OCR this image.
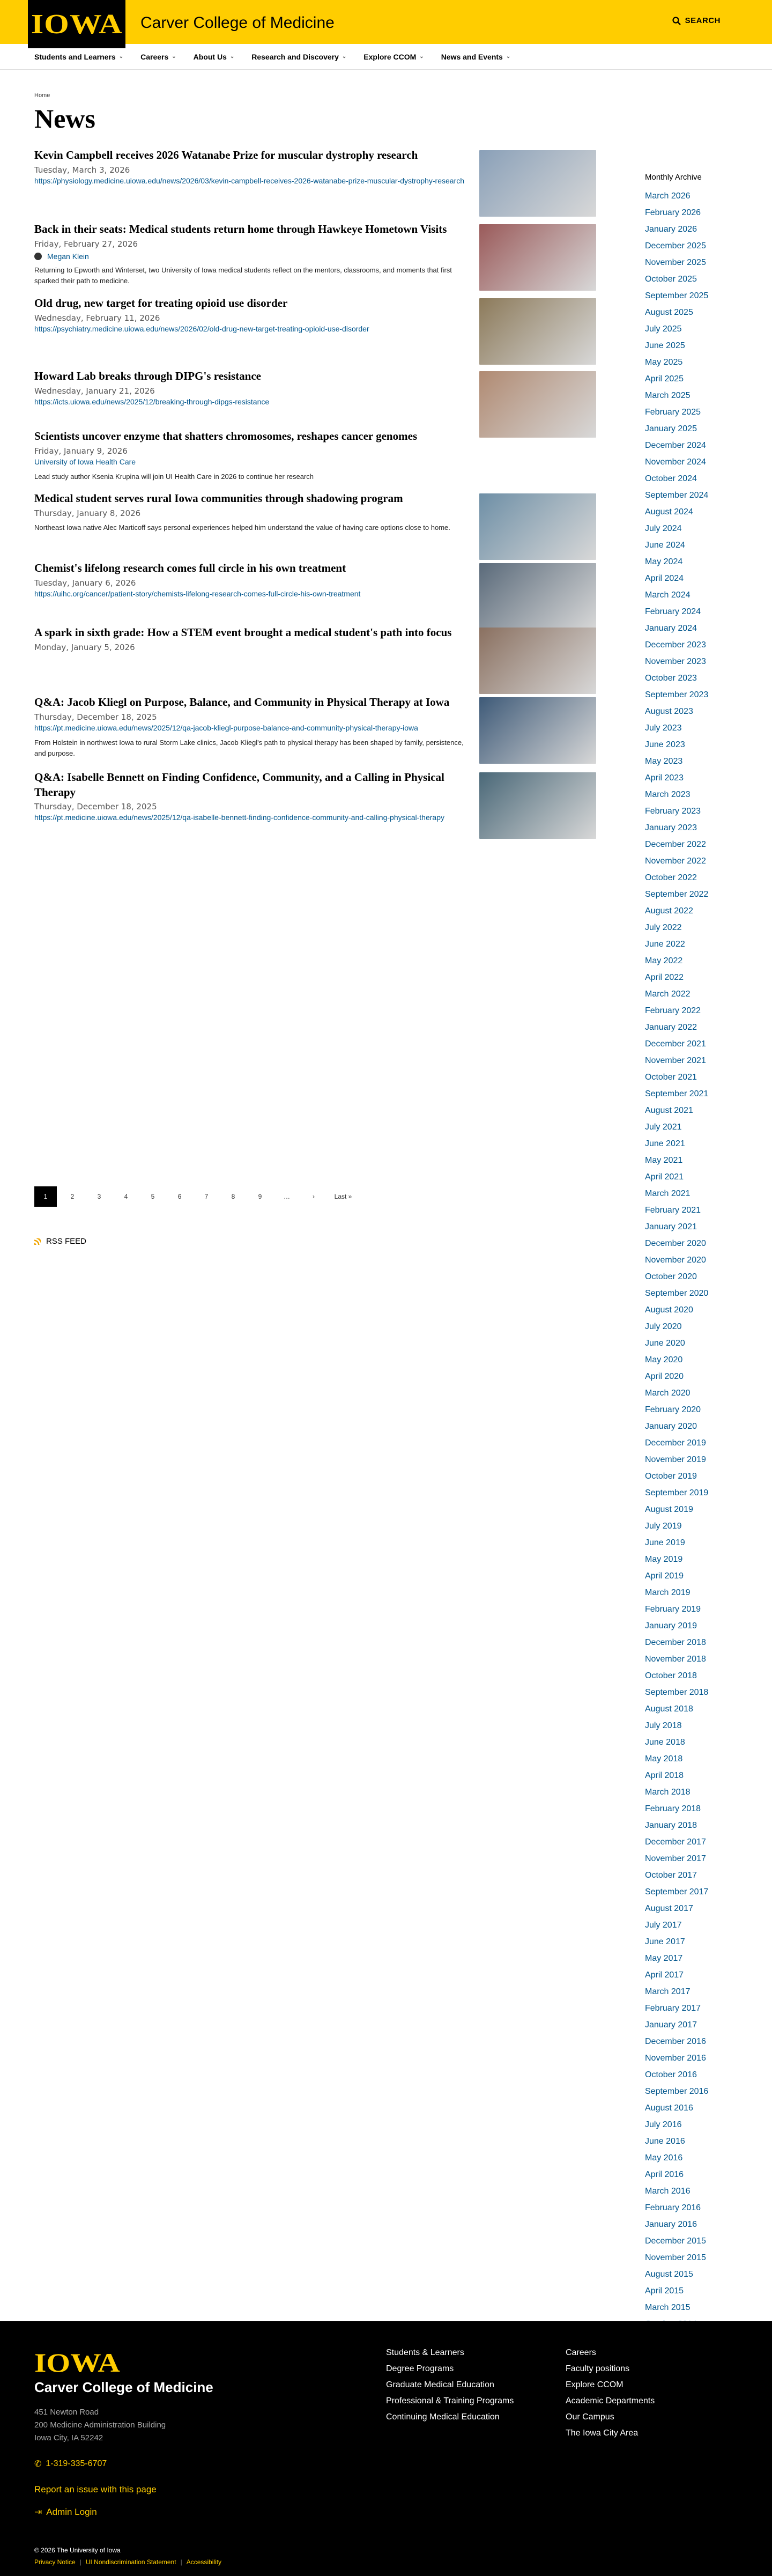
IOWA Carver College of Medicine	SEARCH
Students and Learners ⌄ Careers ⌄ About Us ⌄ Research and Discovery ⌄ Explore CCOM ⌄ News and Events ⌄
Home
News
Kevin Campbell receives 2026 Watanabe Prize for muscular dystrophy research
Tuesday, March 3, 2026
https://physiology.medicine.uiowa.edu/news/2026/03/kevin-campbell-receives-2026-watanabe-prize-muscular-dystrophy-research
Back in their seats: Medical students return home through Hawkeye Hometown Visits
Friday, February 27, 2026
Megan Klein
Returning to Epworth and Winterset, two University of Iowa medical students reflect on the mentors, classrooms, and moments that first sparked their path to medicine.
Old drug, new target for treating opioid use disorder
Wednesday, February 11, 2026
https://psychiatry.medicine.uiowa.edu/news/2026/02/old-drug-new-target-treating-opioid-use-disorder
Howard Lab breaks through DIPG's resistance
Wednesday, January 21, 2026
https://icts.uiowa.edu/news/2025/12/breaking-through-dipgs-resistance
Scientists uncover enzyme that shatters chromosomes, reshapes cancer genomes
Friday, January 9, 2026
University of Iowa Health Care
Lead study author Ksenia Krupina will join UI Health Care in 2026 to continue her research
Medical student serves rural Iowa communities through shadowing program
Thursday, January 8, 2026
Northeast Iowa native Alec Marticoff says personal experiences helped him understand the value of having care options close to home.
Chemist's lifelong research comes full circle in his own treatment
Tuesday, January 6, 2026
https://uihc.org/cancer/patient-story/chemists-lifelong-research-comes-full-circle-his-own-treatment
A spark in sixth grade: How a STEM event brought a medical student's path into focus
Monday, January 5, 2026
Q&A: Jacob Kliegl on Purpose, Balance, and Community in Physical Therapy at Iowa
Thursday, December 18, 2025
https://pt.medicine.uiowa.edu/news/2025/12/qa-jacob-kliegl-purpose-balance-and-community-physical-therapy-iowa
From Holstein in northwest Iowa to rural Storm Lake clinics, Jacob Kliegl's path to physical therapy has been shaped by family, persistence, and purpose.
Q&A: Isabelle Bennett on Finding Confidence, Community, and a Calling in Physical Therapy
Thursday, December 18, 2025
https://pt.medicine.uiowa.edu/news/2025/12/qa-isabelle-bennett-finding-confidence-community-and-calling-physical-therapy
1	2	3	4	5	6	7	8	9	…	›	Last »
RSS FEED
Monthly Archive
March 2026
February 2026
January 2026
December 2025
November 2025
October 2025
September 2025
August 2025
July 2025
June 2025
May 2025
April 2025
March 2025
February 2025
January 2025
December 2024
November 2024
October 2024
September 2024
August 2024
July 2024
June 2024
May 2024
April 2024
March 2024
February 2024
January 2024
December 2023
November 2023
October 2023
September 2023
August 2023
July 2023
June 2023
May 2023
April 2023
March 2023
February 2023
January 2023
December 2022
November 2022
October 2022
September 2022
August 2022
July 2022
June 2022
May 2022
April 2022
March 2022
February 2022
January 2022
December 2021
November 2021
October 2021
September 2021
August 2021
July 2021
June 2021
May 2021
April 2021
March 2021
February 2021
January 2021
December 2020
November 2020
October 2020
September 2020
August 2020
July 2020
June 2020
May 2020
April 2020
March 2020
February 2020
January 2020
December 2019
November 2019
October 2019
September 2019
August 2019
July 2019
June 2019
May 2019
April 2019
March 2019
February 2019
January 2019
December 2018
November 2018
October 2018
September 2018
August 2018
July 2018
June 2018
May 2018
April 2018
March 2018
February 2018
January 2018
December 2017
November 2017
October 2017
September 2017
August 2017
July 2017
June 2017
May 2017
April 2017
March 2017
February 2017
January 2017
December 2016
November 2016
October 2016
September 2016
August 2016
July 2016
June 2016
May 2016
April 2016
March 2016
February 2016
January 2016
December 2015
November 2015
August 2015
April 2015
March 2015
IOWA
Carver College of Medicine
451 Newton Road
200 Medicine Administration Building
Iowa City, IA 52242
✆ 1-319-335-6707
Report an issue with this page
⇥ Admin Login
Students & Learners
Degree Programs
Graduate Medical Education
Professional & Training Programs
Continuing Medical Education
Careers
Faculty positions
Explore CCOM
Academic Departments
Our Campus
The Iowa City Area
© 2026 The University of Iowa
Privacy Notice | UI Nondiscrimination Statement | Accessibility
